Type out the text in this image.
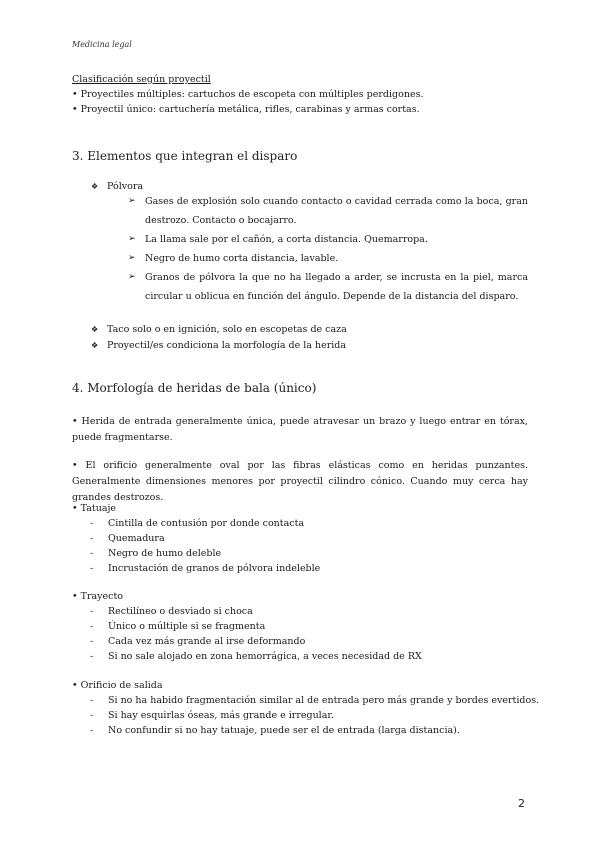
Medicina legal
Clasificación según proyectil
• Proyectiles múltiples: cartuchos de escopeta con múltiples perdigones.
• Proyectil único: cartuchería metálica, rifles, carabinas y armas cortas.
3. Elementos que integran el disparo
❖ Pólvora
➢ Gases de explosión solo cuando contacto o cavidad cerrada como la boca, gran destrozo. Contacto o bocajarro.
➢ La llama sale por el cañón, a corta distancia. Quemarropa.
➢ Negro de humo corta distancia, lavable.
➢ Granos de pólvora la que no ha llegado a arder, se incrusta en la piel, marca circular u oblicua en función del ángulo. Depende de la distancia del disparo.
❖ Taco solo o en ignición, solo en escopetas de caza
❖ Proyectil/es condiciona la morfología de la herida
4. Morfología de heridas de bala (único)
• Herida de entrada generalmente única, puede atravesar un brazo y luego entrar en tórax, puede fragmentarse.
• El orificio generalmente oval por las fibras elásticas como en heridas punzantes. Generalmente dimensiones menores por proyectil cilindro cónico. Cuando muy cerca hay grandes destrozos.
• Tatuaje
- Cintilla de contusión por donde contacta
- Quemadura
- Negro de humo deleble
- Incrustación de granos de pólvora indeleble
• Trayecto
- Rectilíneo o desviado si choca
- Único o múltiple si se fragmenta
- Cada vez más grande al irse deformando
- Si no sale alojado en zona hemorrágica, a veces necesidad de RX
• Orificio de salida
- Si no ha habido fragmentación similar al de entrada pero más grande y bordes evertidos.
- Si hay esquirlas óseas, más grande e irregular.
- No confundir si no hay tatuaje, puede ser el de entrada (larga distancia).
2
